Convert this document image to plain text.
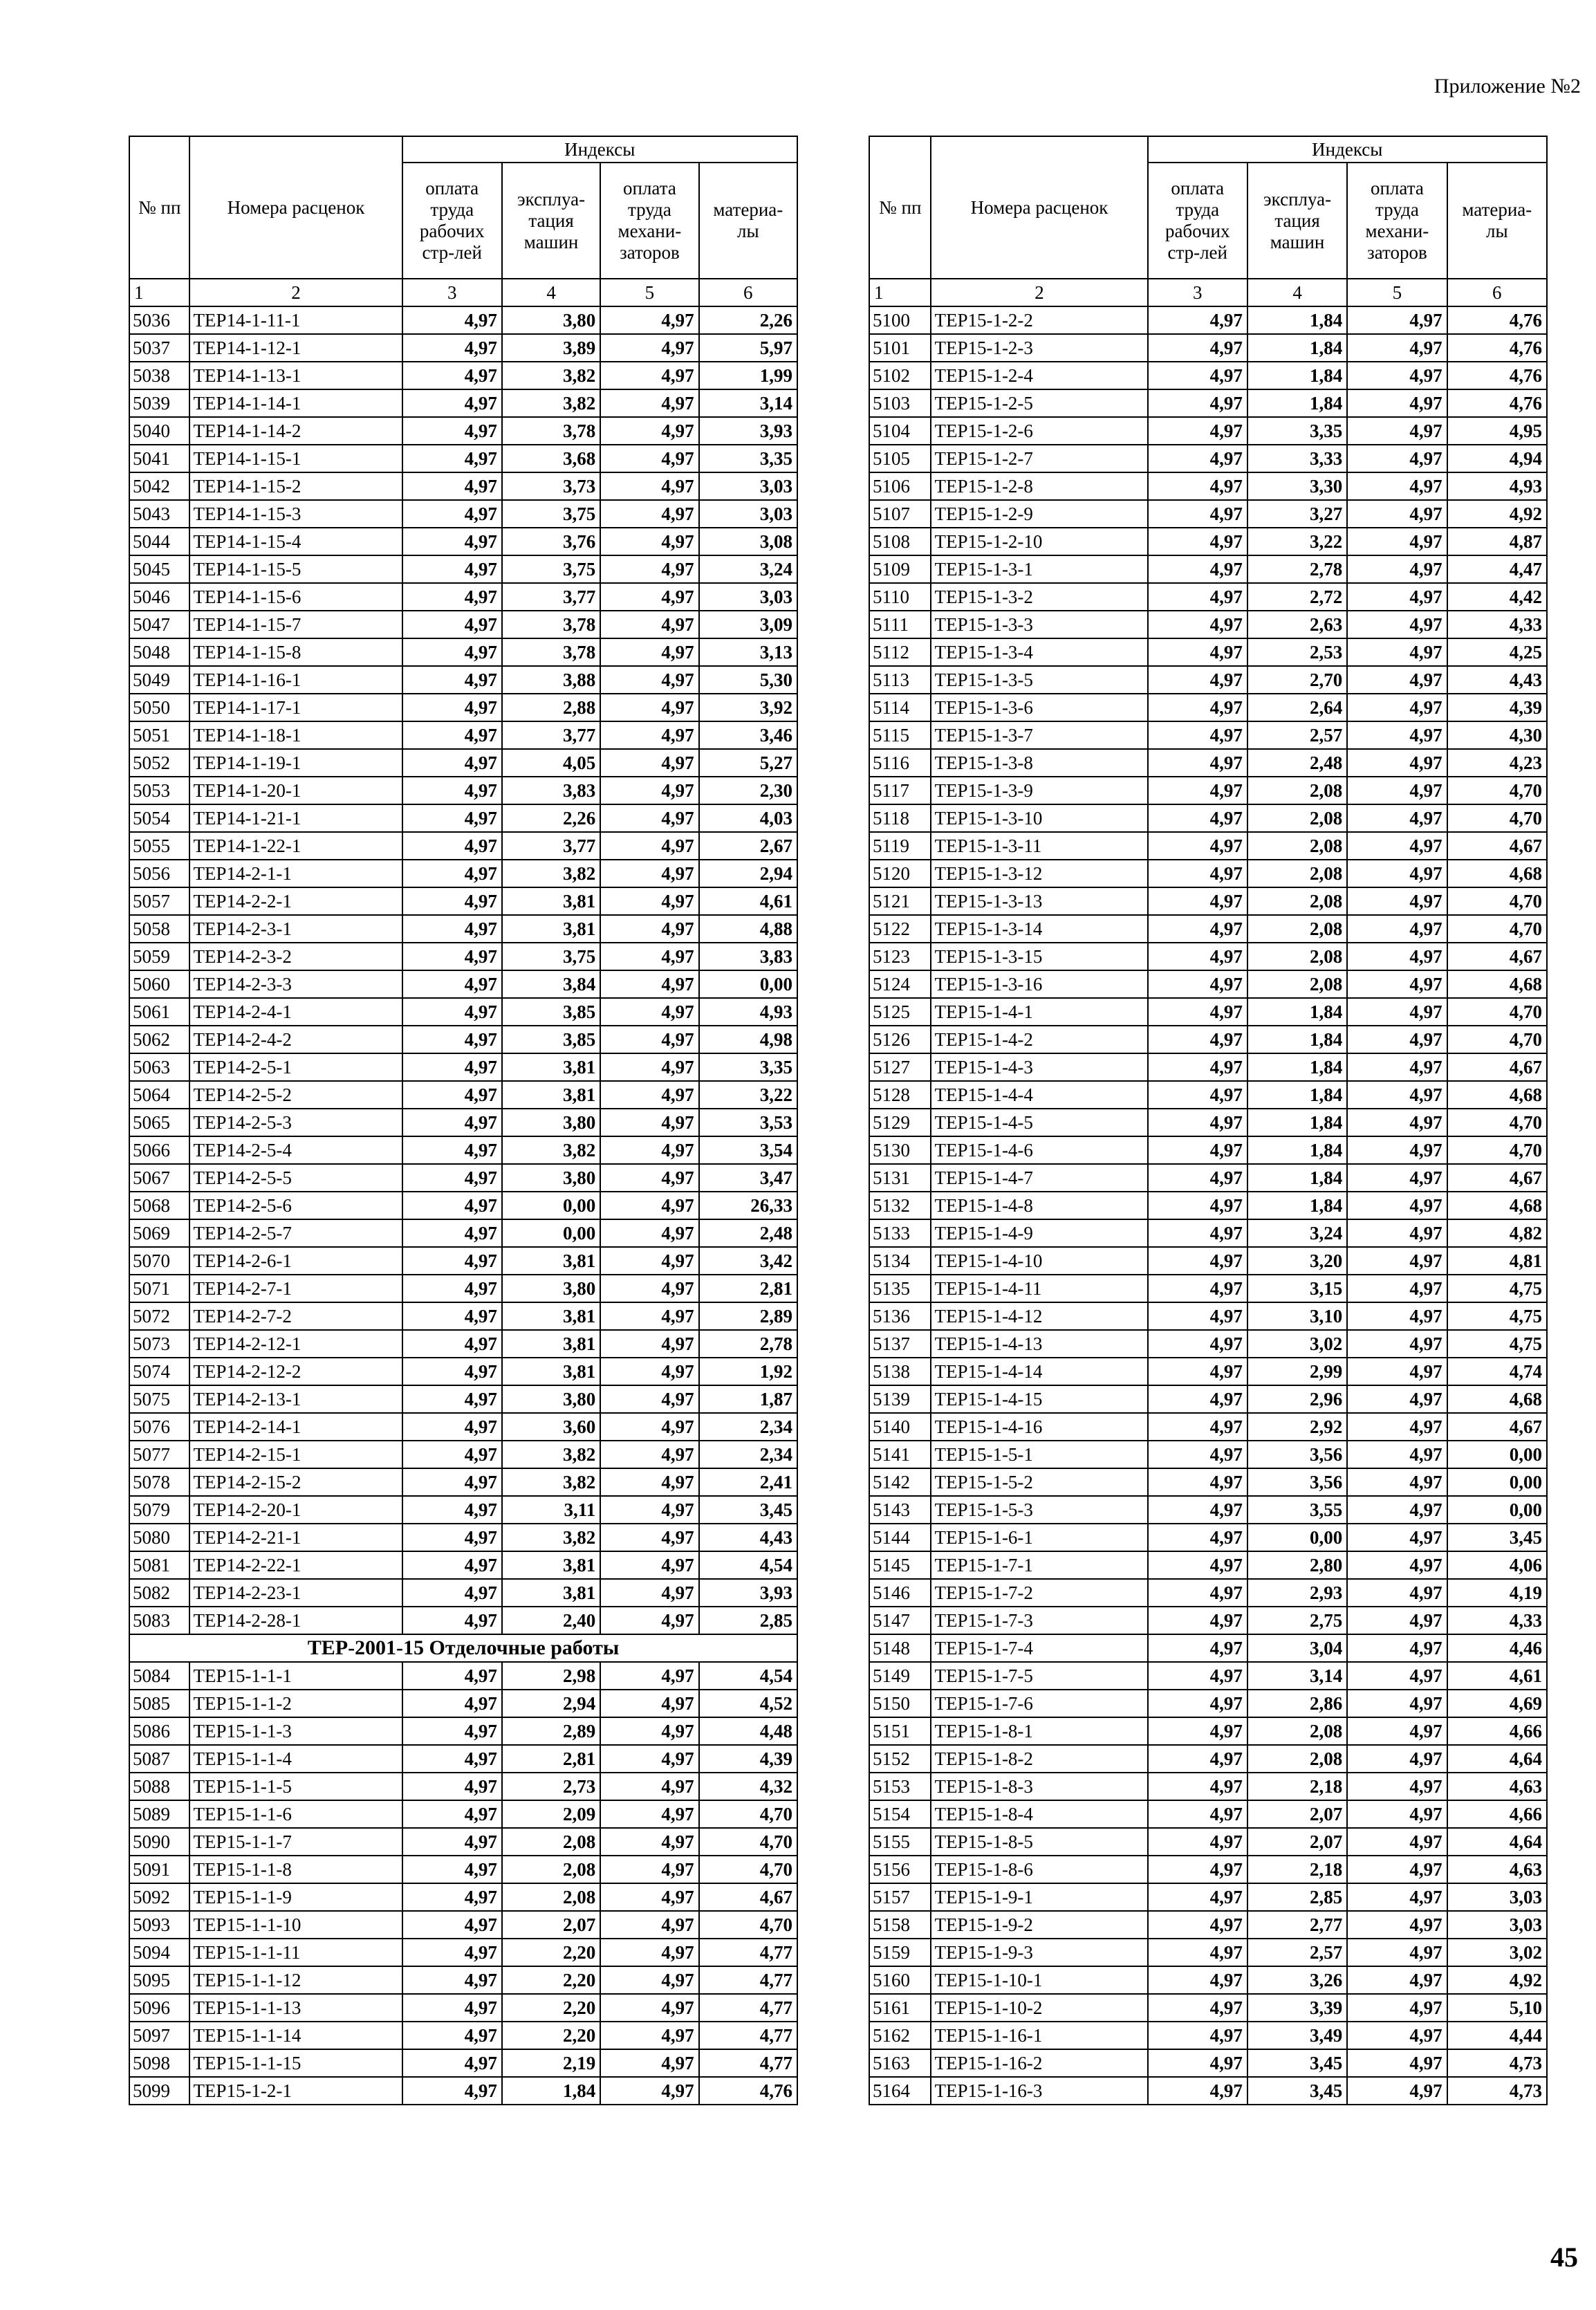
Приложение №2
№ пп	Номера расценок	Индексы			
		оплата труда рабочих стр-лей	эксплуа-тация машин	оплата труда механи-заторов	материа-лы
1	2	3	4	5	6
5036	ТЕР14-1-11-1	4,97	3,80	4,97	2,26
5037	ТЕР14-1-12-1	4,97	3,89	4,97	5,97
5038	ТЕР14-1-13-1	4,97	3,82	4,97	1,99
5039	ТЕР14-1-14-1	4,97	3,82	4,97	3,14
5040	ТЕР14-1-14-2	4,97	3,78	4,97	3,93
5041	ТЕР14-1-15-1	4,97	3,68	4,97	3,35
5042	ТЕР14-1-15-2	4,97	3,73	4,97	3,03
5043	ТЕР14-1-15-3	4,97	3,75	4,97	3,03
5044	ТЕР14-1-15-4	4,97	3,76	4,97	3,08
5045	ТЕР14-1-15-5	4,97	3,75	4,97	3,24
5046	ТЕР14-1-15-6	4,97	3,77	4,97	3,03
5047	ТЕР14-1-15-7	4,97	3,78	4,97	3,09
5048	ТЕР14-1-15-8	4,97	3,78	4,97	3,13
5049	ТЕР14-1-16-1	4,97	3,88	4,97	5,30
5050	ТЕР14-1-17-1	4,97	2,88	4,97	3,92
5051	ТЕР14-1-18-1	4,97	3,77	4,97	3,46
5052	ТЕР14-1-19-1	4,97	4,05	4,97	5,27
5053	ТЕР14-1-20-1	4,97	3,83	4,97	2,30
5054	ТЕР14-1-21-1	4,97	2,26	4,97	4,03
5055	ТЕР14-1-22-1	4,97	3,77	4,97	2,67
5056	ТЕР14-2-1-1	4,97	3,82	4,97	2,94
5057	ТЕР14-2-2-1	4,97	3,81	4,97	4,61
5058	ТЕР14-2-3-1	4,97	3,81	4,97	4,88
5059	ТЕР14-2-3-2	4,97	3,75	4,97	3,83
5060	ТЕР14-2-3-3	4,97	3,84	4,97	0,00
5061	ТЕР14-2-4-1	4,97	3,85	4,97	4,93
5062	ТЕР14-2-4-2	4,97	3,85	4,97	4,98
5063	ТЕР14-2-5-1	4,97	3,81	4,97	3,35
5064	ТЕР14-2-5-2	4,97	3,81	4,97	3,22
5065	ТЕР14-2-5-3	4,97	3,80	4,97	3,53
5066	ТЕР14-2-5-4	4,97	3,82	4,97	3,54
5067	ТЕР14-2-5-5	4,97	3,80	4,97	3,47
5068	ТЕР14-2-5-6	4,97	0,00	4,97	26,33
5069	ТЕР14-2-5-7	4,97	0,00	4,97	2,48
5070	ТЕР14-2-6-1	4,97	3,81	4,97	3,42
5071	ТЕР14-2-7-1	4,97	3,80	4,97	2,81
5072	ТЕР14-2-7-2	4,97	3,81	4,97	2,89
5073	ТЕР14-2-12-1	4,97	3,81	4,97	2,78
5074	ТЕР14-2-12-2	4,97	3,81	4,97	1,92
5075	ТЕР14-2-13-1	4,97	3,80	4,97	1,87
5076	ТЕР14-2-14-1	4,97	3,60	4,97	2,34
5077	ТЕР14-2-15-1	4,97	3,82	4,97	2,34
5078	ТЕР14-2-15-2	4,97	3,82	4,97	2,41
5079	ТЕР14-2-20-1	4,97	3,11	4,97	3,45
5080	ТЕР14-2-21-1	4,97	3,82	4,97	4,43
5081	ТЕР14-2-22-1	4,97	3,81	4,97	4,54
5082	ТЕР14-2-23-1	4,97	3,81	4,97	3,93
5083	ТЕР14-2-28-1	4,97	2,40	4,97	2,85
ТЕР-2001-15 Отделочные работы					
5084	ТЕР15-1-1-1	4,97	2,98	4,97	4,54
5085	ТЕР15-1-1-2	4,97	2,94	4,97	4,52
5086	ТЕР15-1-1-3	4,97	2,89	4,97	4,48
5087	ТЕР15-1-1-4	4,97	2,81	4,97	4,39
5088	ТЕР15-1-1-5	4,97	2,73	4,97	4,32
5089	ТЕР15-1-1-6	4,97	2,09	4,97	4,70
5090	ТЕР15-1-1-7	4,97	2,08	4,97	4,70
5091	ТЕР15-1-1-8	4,97	2,08	4,97	4,70
5092	ТЕР15-1-1-9	4,97	2,08	4,97	4,67
5093	ТЕР15-1-1-10	4,97	2,07	4,97	4,70
5094	ТЕР15-1-1-11	4,97	2,20	4,97	4,77
5095	ТЕР15-1-1-12	4,97	2,20	4,97	4,77
5096	ТЕР15-1-1-13	4,97	2,20	4,97	4,77
5097	ТЕР15-1-1-14	4,97	2,20	4,97	4,77
5098	ТЕР15-1-1-15	4,97	2,19	4,97	4,77
5099	ТЕР15-1-2-1	4,97	1,84	4,97	4,76
№ пп	Номера расценок	Индексы			
		оплата труда рабочих стр-лей	эксплуа-тация машин	оплата труда механи-заторов	материа-лы
1	2	3	4	5	6
5100	ТЕР15-1-2-2	4,97	1,84	4,97	4,76
5101	ТЕР15-1-2-3	4,97	1,84	4,97	4,76
5102	ТЕР15-1-2-4	4,97	1,84	4,97	4,76
5103	ТЕР15-1-2-5	4,97	1,84	4,97	4,76
5104	ТЕР15-1-2-6	4,97	3,35	4,97	4,95
5105	ТЕР15-1-2-7	4,97	3,33	4,97	4,94
5106	ТЕР15-1-2-8	4,97	3,30	4,97	4,93
5107	ТЕР15-1-2-9	4,97	3,27	4,97	4,92
5108	ТЕР15-1-2-10	4,97	3,22	4,97	4,87
5109	ТЕР15-1-3-1	4,97	2,78	4,97	4,47
5110	ТЕР15-1-3-2	4,97	2,72	4,97	4,42
5111	ТЕР15-1-3-3	4,97	2,63	4,97	4,33
5112	ТЕР15-1-3-4	4,97	2,53	4,97	4,25
5113	ТЕР15-1-3-5	4,97	2,70	4,97	4,43
5114	ТЕР15-1-3-6	4,97	2,64	4,97	4,39
5115	ТЕР15-1-3-7	4,97	2,57	4,97	4,30
5116	ТЕР15-1-3-8	4,97	2,48	4,97	4,23
5117	ТЕР15-1-3-9	4,97	2,08	4,97	4,70
5118	ТЕР15-1-3-10	4,97	2,08	4,97	4,70
5119	ТЕР15-1-3-11	4,97	2,08	4,97	4,67
5120	ТЕР15-1-3-12	4,97	2,08	4,97	4,68
5121	ТЕР15-1-3-13	4,97	2,08	4,97	4,70
5122	ТЕР15-1-3-14	4,97	2,08	4,97	4,70
5123	ТЕР15-1-3-15	4,97	2,08	4,97	4,67
5124	ТЕР15-1-3-16	4,97	2,08	4,97	4,68
5125	ТЕР15-1-4-1	4,97	1,84	4,97	4,70
5126	ТЕР15-1-4-2	4,97	1,84	4,97	4,70
5127	ТЕР15-1-4-3	4,97	1,84	4,97	4,67
5128	ТЕР15-1-4-4	4,97	1,84	4,97	4,68
5129	ТЕР15-1-4-5	4,97	1,84	4,97	4,70
5130	ТЕР15-1-4-6	4,97	1,84	4,97	4,70
5131	ТЕР15-1-4-7	4,97	1,84	4,97	4,67
5132	ТЕР15-1-4-8	4,97	1,84	4,97	4,68
5133	ТЕР15-1-4-9	4,97	3,24	4,97	4,82
5134	ТЕР15-1-4-10	4,97	3,20	4,97	4,81
5135	ТЕР15-1-4-11	4,97	3,15	4,97	4,75
5136	ТЕР15-1-4-12	4,97	3,10	4,97	4,75
5137	ТЕР15-1-4-13	4,97	3,02	4,97	4,75
5138	ТЕР15-1-4-14	4,97	2,99	4,97	4,74
5139	ТЕР15-1-4-15	4,97	2,96	4,97	4,68
5140	ТЕР15-1-4-16	4,97	2,92	4,97	4,67
5141	ТЕР15-1-5-1	4,97	3,56	4,97	0,00
5142	ТЕР15-1-5-2	4,97	3,56	4,97	0,00
5143	ТЕР15-1-5-3	4,97	3,55	4,97	0,00
5144	ТЕР15-1-6-1	4,97	0,00	4,97	3,45
5145	ТЕР15-1-7-1	4,97	2,80	4,97	4,06
5146	ТЕР15-1-7-2	4,97	2,93	4,97	4,19
5147	ТЕР15-1-7-3	4,97	2,75	4,97	4,33
5148	ТЕР15-1-7-4	4,97	3,04	4,97	4,46
5149	ТЕР15-1-7-5	4,97	3,14	4,97	4,61
5150	ТЕР15-1-7-6	4,97	2,86	4,97	4,69
5151	ТЕР15-1-8-1	4,97	2,08	4,97	4,66
5152	ТЕР15-1-8-2	4,97	2,08	4,97	4,64
5153	ТЕР15-1-8-3	4,97	2,18	4,97	4,63
5154	ТЕР15-1-8-4	4,97	2,07	4,97	4,66
5155	ТЕР15-1-8-5	4,97	2,07	4,97	4,64
5156	ТЕР15-1-8-6	4,97	2,18	4,97	4,63
5157	ТЕР15-1-9-1	4,97	2,85	4,97	3,03
5158	ТЕР15-1-9-2	4,97	2,77	4,97	3,03
5159	ТЕР15-1-9-3	4,97	2,57	4,97	3,02
5160	ТЕР15-1-10-1	4,97	3,26	4,97	4,92
5161	ТЕР15-1-10-2	4,97	3,39	4,97	5,10
5162	ТЕР15-1-16-1	4,97	3,49	4,97	4,44
5163	ТЕР15-1-16-2	4,97	3,45	4,97	4,73
5164	ТЕР15-1-16-3	4,97	3,45	4,97	4,73
45
